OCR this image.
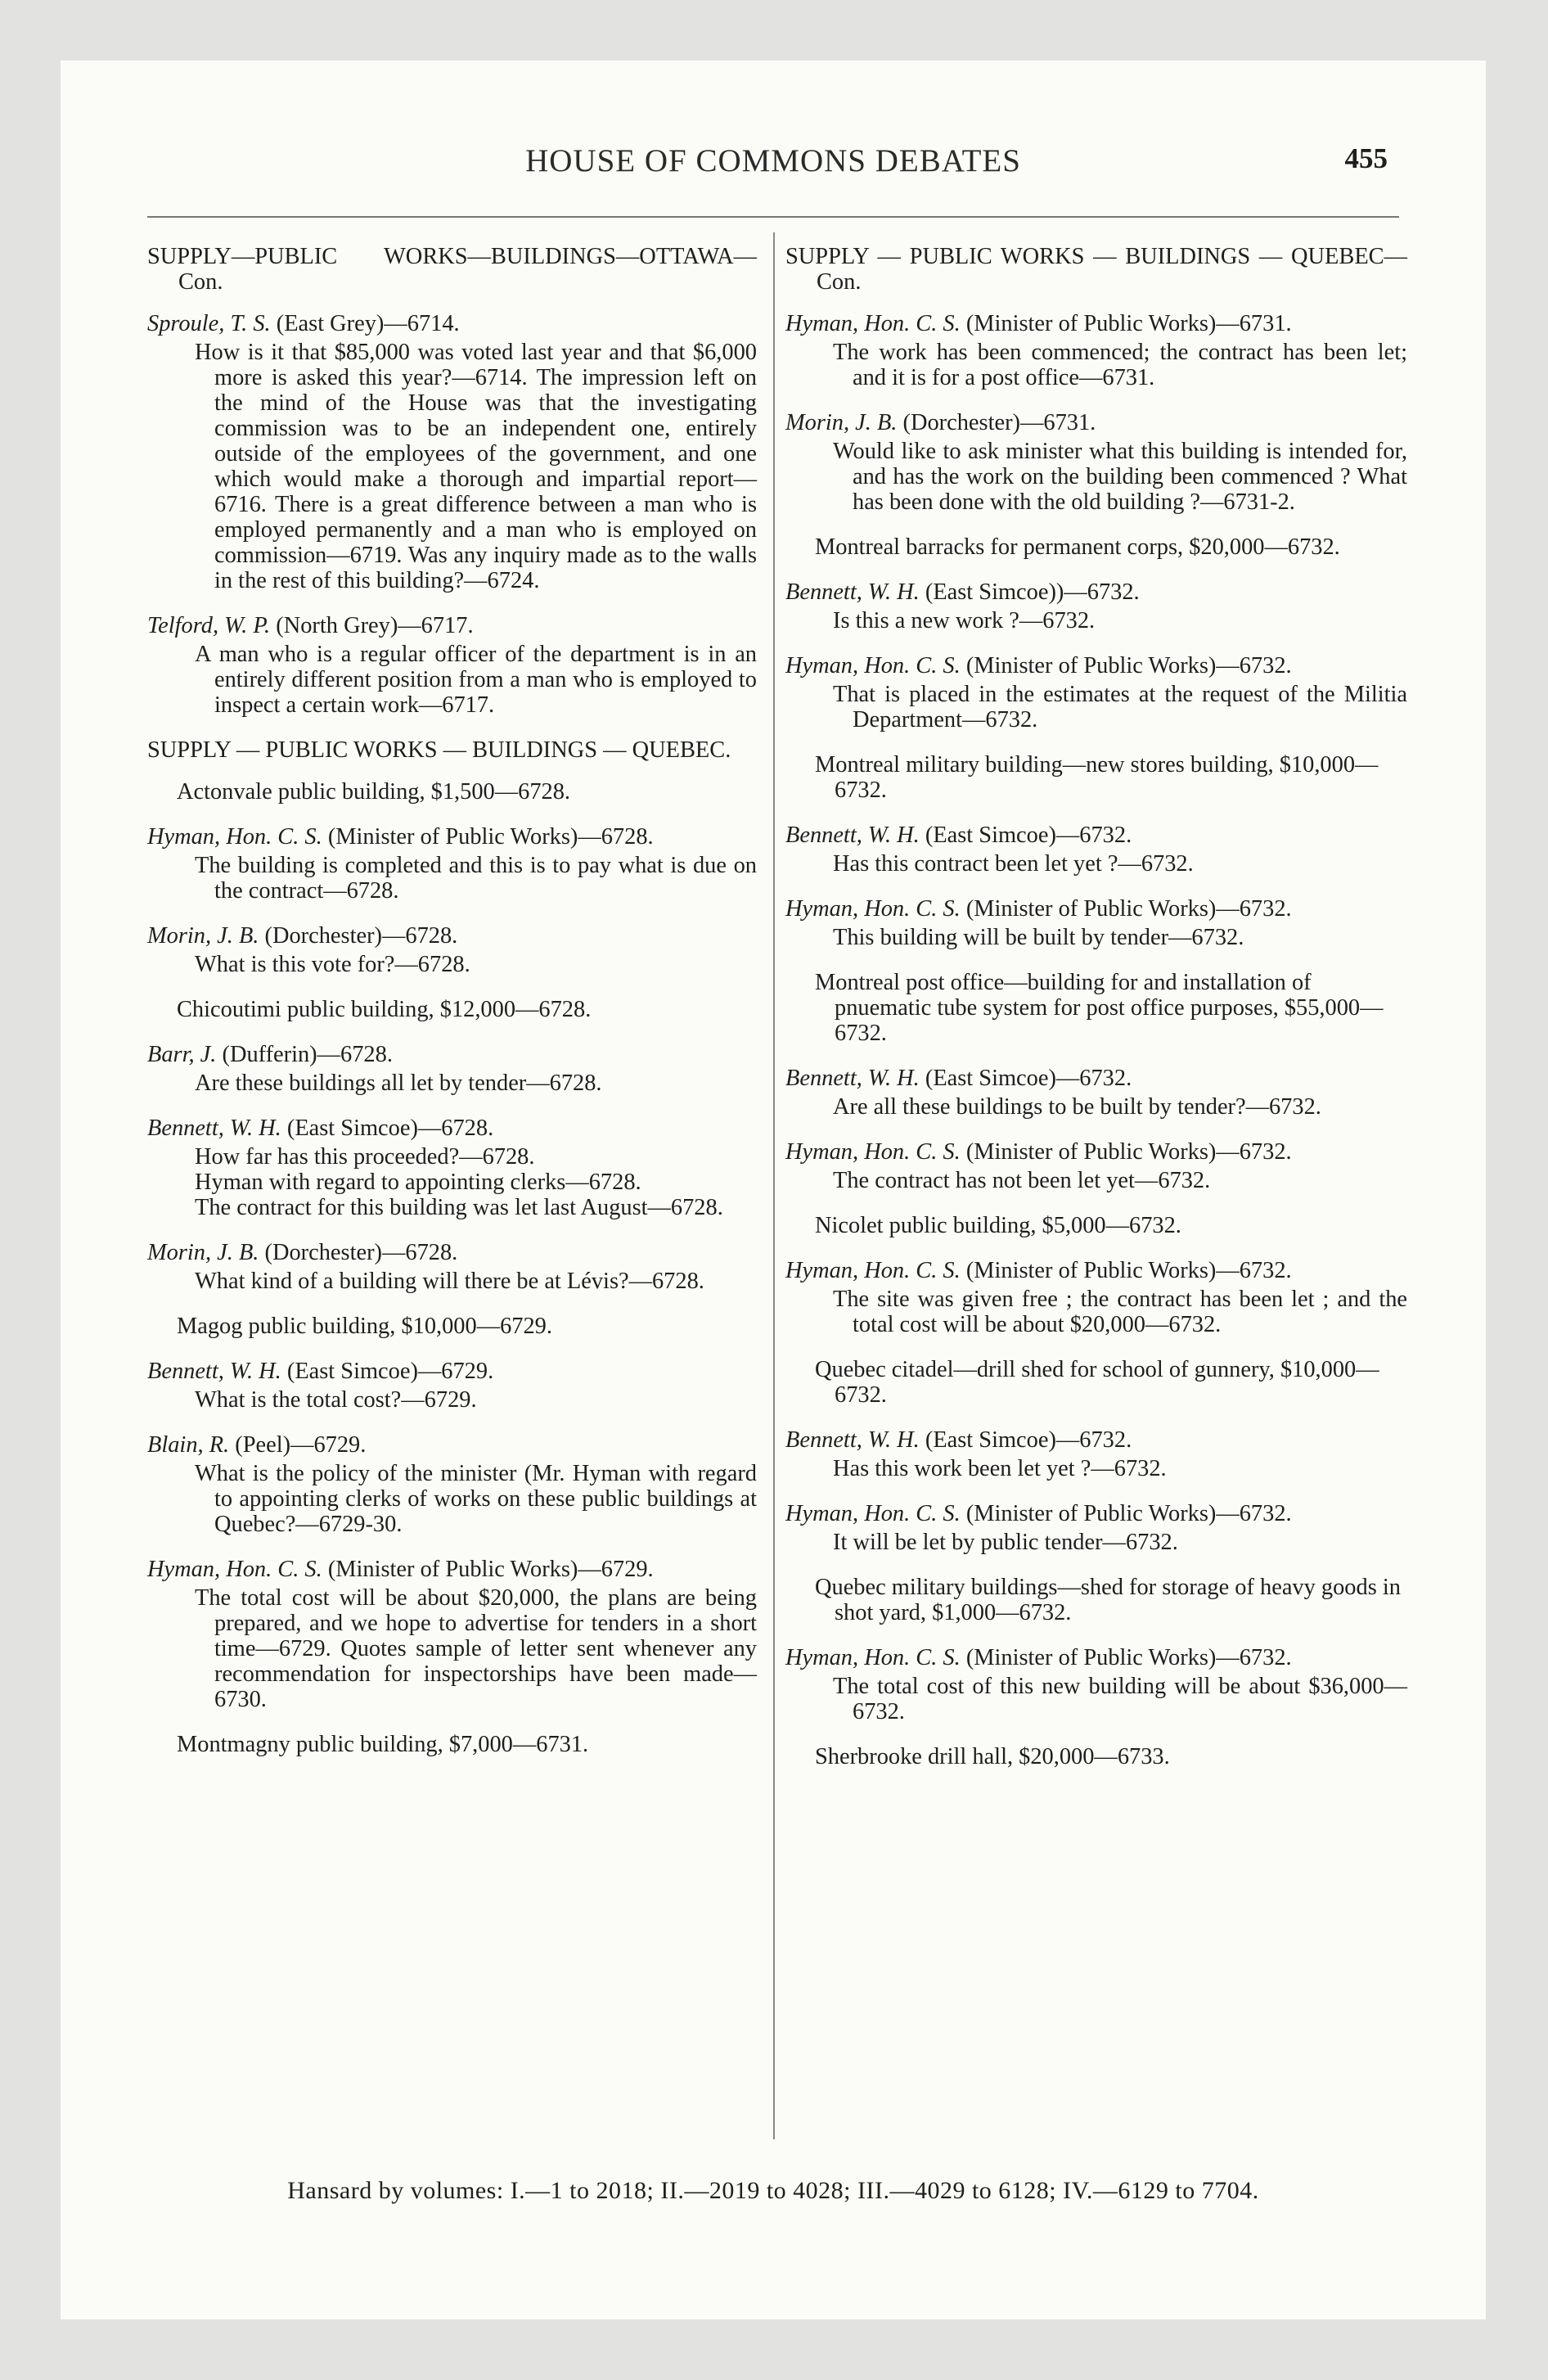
HOUSE OF COMMONS DEBATES	455

SUPPLY—PUBLIC WORKS—BUILDINGS—OTTAWA—Con.

Sproule, T. S. (East Grey)—6714.

How is it that $85,000 was voted last year and that $6,000 more is asked this year?—6714. The impression left on the mind of the House was that the investigating commission was to be an independent one, entirely outside of the employees of the government, and one which would make a thorough and impartial report—6716. There is a great difference between a man who is employed permanently and a man who is employed on commission—6719. Was any inquiry made as to the walls in the rest of this building?—6724.

Telford, W. P. (North Grey)—6717.

A man who is a regular officer of the department is in an entirely different position from a man who is employed to inspect a certain work—6717.

SUPPLY — PUBLIC WORKS — BUILDINGS — QUEBEC.

Actonvale public building, $1,500—6728.

Hyman, Hon. C. S. (Minister of Public Works)—6728.

The building is completed and this is to pay what is due on the contract—6728.

Morin, J. B. (Dorchester)—6728.

What is this vote for?—6728.

Chicoutimi public building, $12,000—6728.

Barr, J. (Dufferin)—6728.

Are these buildings all let by tender—6728.

Bennett, W. H. (East Simcoe)—6728.

How far has this proceeded?—6728.

Hyman with regard to appointing clerks—6728.

The contract for this building was let last August—6728.

Morin, J. B. (Dorchester)—6728.

What kind of a building will there be at Lévis?—6728.

Magog public building, $10,000—6729.

Bennett, W. H. (East Simcoe)—6729.

What is the total cost?—6729.

Blain, R. (Peel)—6729.

What is the policy of the minister (Mr. Hyman with regard to appointing clerks of works on these public buildings at Quebec?—6729-30.

Hyman, Hon. C. S. (Minister of Public Works)—6729.

The total cost will be about $20,000, the plans are being prepared, and we hope to advertise for tenders in a short time—6729. Quotes sample of letter sent whenever any recommendation for inspectorships have been made—6730.

Montmagny public building, $7,000—6731.

SUPPLY — PUBLIC WORKS — BUILDINGS — QUEBEC—Con.

Hyman, Hon. C. S. (Minister of Public Works)—6731.

The work has been commenced; the contract has been let; and it is for a post office—6731.

Morin, J. B. (Dorchester)—6731.

Would like to ask minister what this building is intended for, and has the work on the building been commenced ? What has been done with the old building ?—6731-2.

Montreal barracks for permanent corps, $20,000—6732.

Bennett, W. H. (East Simcoe))—6732.

Is this a new work ?—6732.

Hyman, Hon. C. S. (Minister of Public Works)—6732.

That is placed in the estimates at the request of the Militia Department—6732.

Montreal military building—new stores building, $10,000—6732.

Bennett, W. H. (East Simcoe)—6732.

Has this contract been let yet ?—6732.

Hyman, Hon. C. S. (Minister of Public Works)—6732.

This building will be built by tender—6732.

Montreal post office—building for and installation of pnuematic tube system for post office purposes, $55,000—6732.

Bennett, W. H. (East Simcoe)—6732.

Are all these buildings to be built by tender?—6732.

Hyman, Hon. C. S. (Minister of Public Works)—6732.

The contract has not been let yet—6732.

Nicolet public building, $5,000—6732.

Hyman, Hon. C. S. (Minister of Public Works)—6732.

The site was given free ; the contract has been let ; and the total cost will be about $20,000—6732.

Quebec citadel—drill shed for school of gunnery, $10,000—6732.

Bennett, W. H. (East Simcoe)—6732.

Has this work been let yet ?—6732.

Hyman, Hon. C. S. (Minister of Public Works)—6732.

It will be let by public tender—6732.

Quebec military buildings—shed for storage of heavy goods in shot yard, $1,000—6732.

Hyman, Hon. C. S. (Minister of Public Works)—6732.

The total cost of this new building will be about $36,000—6732.

Sherbrooke drill hall, $20,000—6733.

Hansard by volumes: I.—1 to 2018; II.—2019 to 4028; III.—4029 to 6128; IV.—6129 to 7704.
